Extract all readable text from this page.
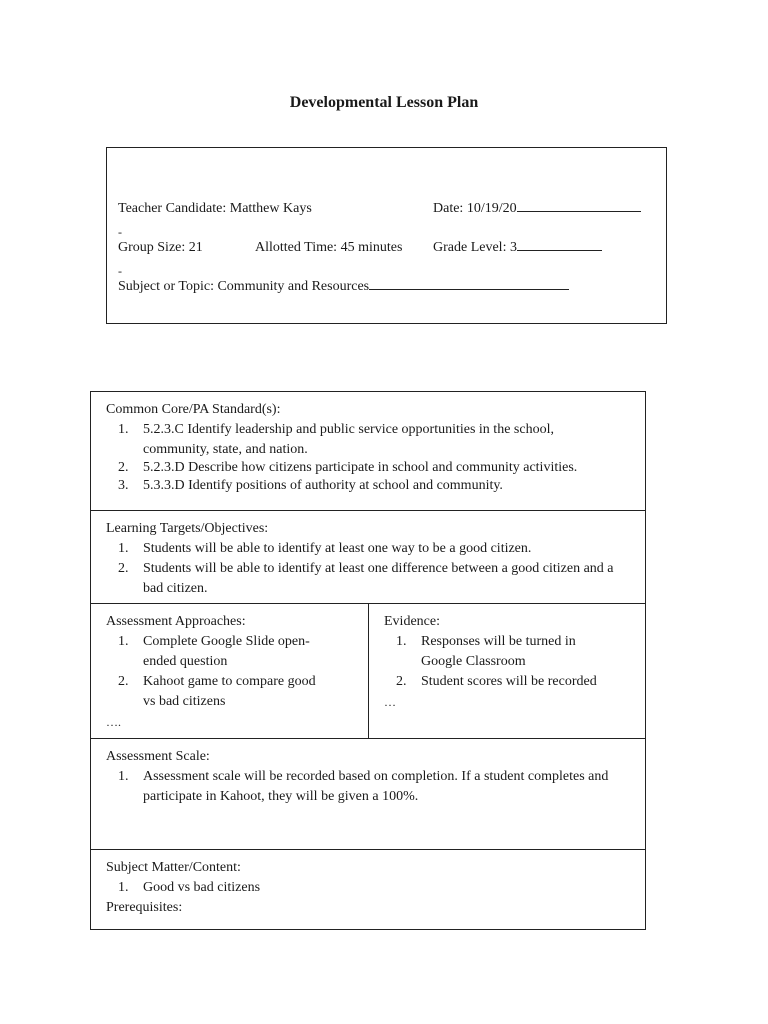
Developmental Lesson Plan
Teacher Candidate: Matthew Kays	Date: 10/19/20
-
Group Size: 21	Allotted Time: 45 minutes Grade Level: 3
-
Subject or Topic: Community and Resources
Common Core/PA Standard(s):
1. 5.2.3.C Identify leadership and public service opportunities in the school, community, state, and nation.
2. 5.2.3.D Describe how citizens participate in school and community activities.
3. 5.3.3.D Identify positions of authority at school and community.
Learning Targets/Objectives:
1. Students will be able to identify at least one way to be a good citizen.
2. Students will be able to identify at least one difference between a good citizen and a bad citizen.
Assessment Approaches:
1. Complete Google Slide open-ended question
2. Kahoot game to compare good vs bad citizens
….
Evidence:
1. Responses will be turned in Google Classroom
2. Student scores will be recorded
…
Assessment Scale:
1. Assessment scale will be recorded based on completion. If a student completes and participate in Kahoot, they will be given a 100%.
Subject Matter/Content:
1. Good vs bad citizens
Prerequisites:
